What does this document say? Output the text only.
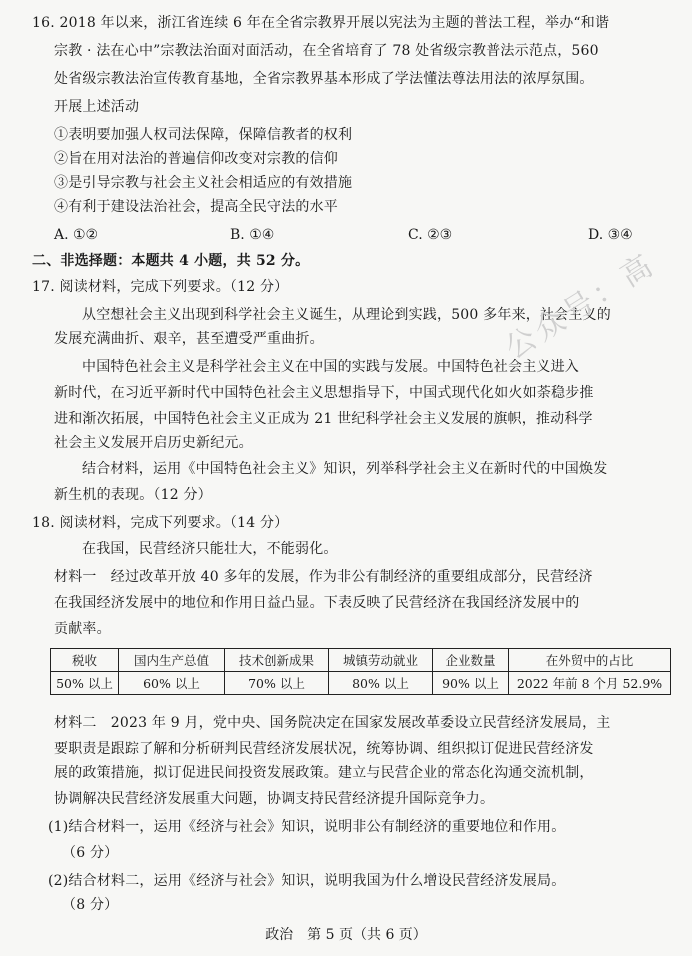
16. 2018 年以来，浙江省连续 6 年在全省宗教界开展以宪法为主题的普法工程，举办“和谐
宗教 · 法在心中”宗教法治面对面活动，在全省培育了 78 处省级宗教普法示范点，560
处省级宗教法治宣传教育基地，全省宗教界基本形成了学法懂法尊法用法的浓厚氛围。
开展上述活动
①表明要加强人权司法保障，保障信教者的权利
②旨在用对法治的普遍信仰改变对宗教的信仰
③是引导宗教与社会主义社会相适应的有效措施
④有利于建设法治社会，提高全民守法的水平
A. ①②	B. ①④	C. ②③	D. ③④
二、非选择题：本题共 4 小题，共 52 分。
17. 阅读材料，完成下列要求。（12 分）
从空想社会主义出现到科学社会主义诞生，从理论到实践，500 多年来，社会主义的
发展充满曲折、艰辛，甚至遭受严重曲折。
中国特色社会主义是科学社会主义在中国的实践与发展。中国特色社会主义进入
新时代，在习近平新时代中国特色社会主义思想指导下，中国式现代化如火如荼稳步推
进和渐次拓展，中国特色社会主义正成为 21 世纪科学社会主义发展的旗帜，推动科学
社会主义发展开启历史新纪元。
结合材料，运用《中国特色社会主义》知识，列举科学社会主义在新时代的中国焕发
新生机的表现。（12 分）
18. 阅读材料，完成下列要求。（14 分）
在我国，民营经济只能壮大，不能弱化。
材料一　经过改革开放 40 多年的发展，作为非公有制经济的重要组成部分，民营经济
在我国经济发展中的地位和作用日益凸显。下表反映了民营经济在我国经济发展中的
贡献率。
税收	国内生产总值	技术创新成果	城镇劳动就业	企业数量	在外贸中的占比
50% 以上	60% 以上	70% 以上	80% 以上	90% 以上	2022 年前 8 个月 52.9%
材料二　2023 年 9 月，党中央、国务院决定在国家发展改革委设立民营经济发展局，主
要职责是跟踪了解和分析研判民营经济发展状况，统筹协调、组织拟订促进民营经济发
展的政策措施，拟订促进民间投资发展政策。建立与民营企业的常态化沟通交流机制，
协调解决民营经济发展重大问题，协调支持民营经济提升国际竞争力。
(1)结合材料一，运用《经济与社会》知识，说明非公有制经济的重要地位和作用。
（6 分）
(2)结合材料二，运用《经济与社会》知识，说明我国为什么增设民营经济发展局。
（8 分）
公众号：高
政治　第 5 页（共 6 页）
